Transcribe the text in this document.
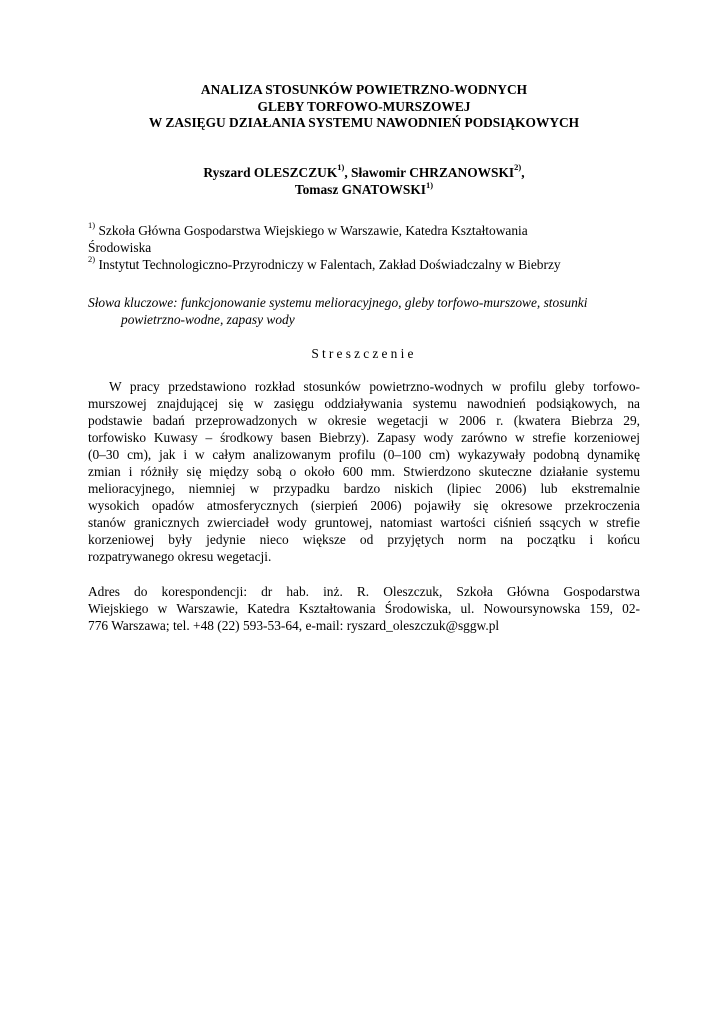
ANALIZA STOSUNKÓW POWIETRZNO-WODNYCH
GLEBY TORFOWO-MURSZOWEJ
W ZASIĘGU DZIAŁANIA SYSTEMU NAWODNIEŃ PODSIĄKOWYCH
Ryszard OLESZCZUK$^{1)}$, Sławomir CHRZANOWSKI$^{2)}$,
Tomasz GNATOWSKI$^{1)}$
$^{1)}$ Szkoła Główna Gospodarstwa Wiejskiego w Warszawie, Katedra Kształtowania
Środowiska
$^{2)}$ Instytut Technologiczno-Przyrodniczy w Falentach, Zakład Doświadczalny w Biebrzy
Słowa kluczowe: funkcjonowanie systemu melioracyjnego, gleby torfowo-murszowe, stosunki
powietrzno-wodne, zapasy wody
Streszczenie
W pracy przedstawiono rozkład stosunków powietrzno-wodnych w profilu gleby torfowo-
murszowej znajdującej się w zasięgu oddziaływania systemu nawodnień podsiąkowych, na
podstawie badań przeprowadzonych w okresie wegetacji w 2006 r. (kwatera Biebrza 29,
torfowisko Kuwasy – środkowy basen Biebrzy). Zapasy wody zarówno w strefie korzeniowej
(0–30 cm), jak i w całym analizowanym profilu (0–100 cm) wykazywały podobną dynamikę
zmian i różniły się między sobą o około 600 mm. Stwierdzono skuteczne działanie systemu
melioracyjnego, niemniej w przypadku bardzo niskich (lipiec 2006) lub ekstremalnie
wysokich opadów atmosferycznych (sierpień 2006) pojawiły się okresowe przekroczenia
stanów granicznych zwierciadeł wody gruntowej, natomiast wartości ciśnień ssących w strefie
korzeniowej były jedynie nieco większe od przyjętych norm na początku i końcu
rozpatrywanego okresu wegetacji.
Adres do korespondencji: dr hab. inż. R. Oleszczuk, Szkoła Główna Gospodarstwa
Wiejskiego w Warszawie, Katedra Kształtowania Środowiska, ul. Nowoursynowska 159, 02-
776 Warszawa; tel. +48 (22) 593-53-64, e-mail: ryszard_oleszczuk@sggw.pl
